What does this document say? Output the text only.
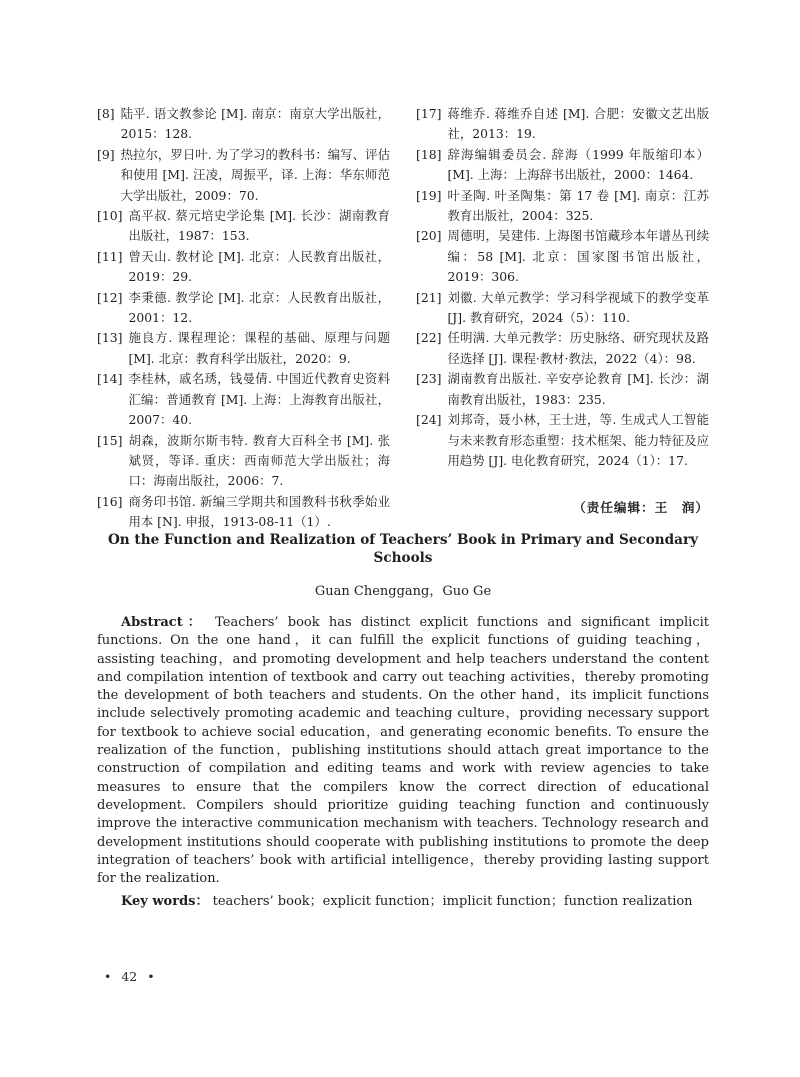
[8] 陆平. 语文教参论 [M]. 南京：南京大学出版社，2015：128.
[9] 热拉尔，罗日叶. 为了学习的教科书：编写、评估和使用 [M]. 汪凌，周振平，译. 上海：华东师范大学出版社，2009：70.
[10] 高平叔. 蔡元培史学论集 [M]. 长沙：湖南教育出版社，1987：153.
[11] 曾天山. 教材论 [M]. 北京：人民教育出版社，2019：29.
[12] 李秉德. 教学论 [M]. 北京：人民教育出版社，2001：12.
[13] 施良方. 课程理论：课程的基础、原理与问题 [M]. 北京：教育科学出版社，2020：9.
[14] 李桂林，戚名琇，钱曼倩. 中国近代教育史资料汇编：普通教育 [M]. 上海：上海教育出版社，2007：40.
[15] 胡森，波斯尔斯韦特. 教育大百科全书 [M]. 张斌贤，等译. 重庆：西南师范大学出版社；海口：海南出版社，2006：7.
[16] 商务印书馆. 新编三学期共和国教科书秋季始业用本 [N]. 申报，1913-08-11（1）.
[17] 蒋维乔. 蒋维乔自述 [M]. 合肥：安徽文艺出版社，2013：19.
[18] 辞海编辑委员会. 辞海（1999 年版缩印本） [M]. 上海：上海辞书出版社，2000：1464.
[19] 叶圣陶. 叶圣陶集：第 17 卷 [M]. 南京：江苏教育出版社，2004：325.
[20] 周德明，吴建伟. 上海图书馆藏珍本年谱丛刊续编：58 [M]. 北京：国家图书馆出版社，2019：306.
[21] 刘徽. 大单元教学：学习科学视域下的教学变革 [J]. 教育研究，2024（5）：110.
[22] 任明满. 大单元教学：历史脉络、研究现状及路径选择 [J]. 课程·教材·教法，2022（4）：98.
[23] 湖南教育出版社. 辛安亭论教育 [M]. 长沙：湖南教育出版社，1983：235.
[24] 刘邦奇，聂小林，王士进，等. 生成式人工智能与未来教育形态重塑：技术框架、能力特征及应用趋势 [J]. 电化教育研究，2024（1）：17.
（责任编辑：王　润）
On the Function and Realization of Teachers’ Book in Primary and Secondary Schools
Guan Chenggang，Guo Ge
Abstract： Teachers’ book has distinct explicit functions and significant implicit functions. On the one hand，it can fulfill the explicit functions of guiding teaching，assisting teaching，and promoting development and help teachers understand the content and compilation intention of textbook and carry out teaching activities，thereby promoting the development of both teachers and students. On the other hand，its implicit functions include selectively promoting academic and teaching culture，providing necessary support for textbook to achieve social education，and generating economic benefits. To ensure the realization of the function，publishing institutions should attach great importance to the construction of compilation and editing teams and work with review agencies to take measures to ensure that the compilers know the correct direction of educational development. Compilers should prioritize guiding teaching function and continuously improve the interactive communication mechanism with teachers. Technology research and development institutions should cooperate with publishing institutions to promote the deep integration of teachers’ book with artificial intelligence，thereby providing lasting support for the realization.
Key words： teachers’ book；explicit function；implicit function；function realization
• 42 •
